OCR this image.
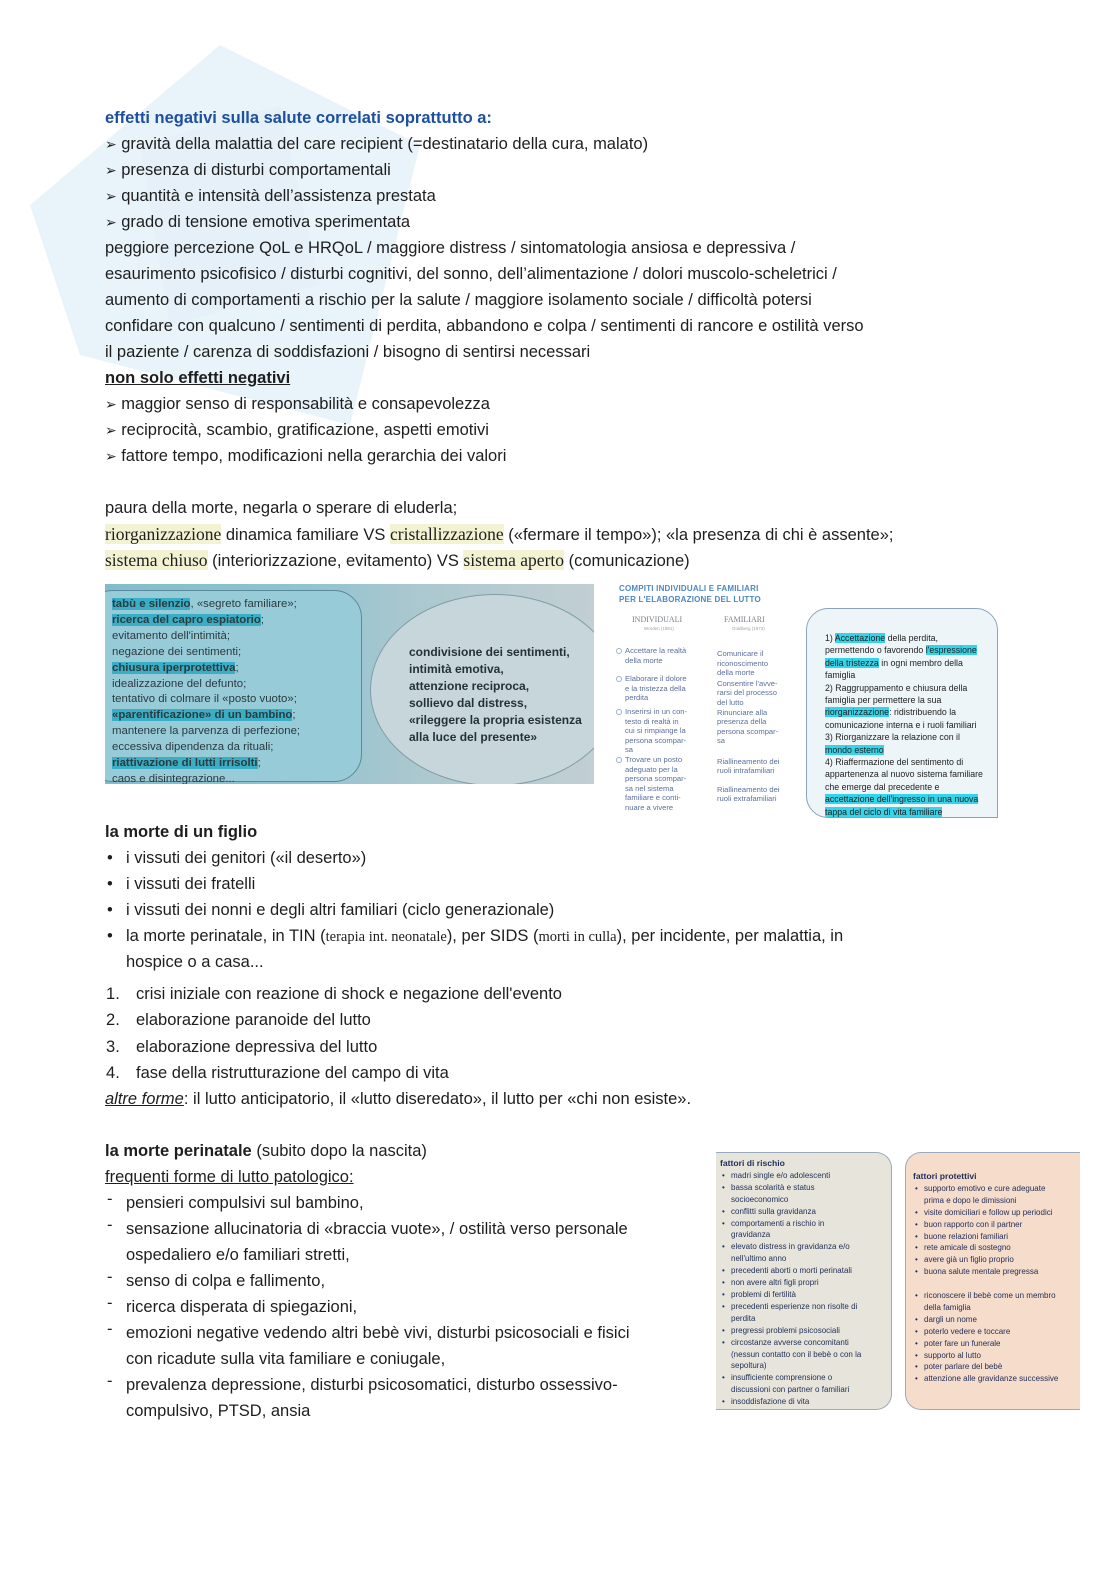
effetti negativi sulla salute correlati soprattutto a:
➢ gravità della malattia del care recipient (=destinatario della cura, malato)
➢ presenza di disturbi comportamentali
➢ quantità e intensità dell’assistenza prestata
➢ grado di tensione emotiva sperimentata
peggiore percezione QoL e HRQoL / maggiore distress / sintomatologia ansiosa e depressiva /
esaurimento psicofisico / disturbi cognitivi, del sonno, dell’alimentazione / dolori muscolo-scheletrici /
aumento di comportamenti a rischio per la salute / maggiore isolamento sociale / difficoltà potersi
confidare con qualcuno / sentimenti di perdita, abbandono e colpa / sentimenti di rancore e ostilità verso
il paziente / carenza di soddisfazioni / bisogno di sentirsi necessari
non solo effetti negativi
➢ maggior senso di responsabilità e consapevolezza
➢ reciprocità, scambio, gratificazione, aspetti emotivi
➢ fattore tempo, modificazioni nella gerarchia dei valori
paura della morte, negarla o sperare di eluderla;
riorganizzazione dinamica familiare VS cristallizzazione («fermare il tempo»); «la presenza di chi è assente»;
sistema chiuso (interiorizzazione, evitamento) VS sistema aperto (comunicazione)
tabù e silenzio, «segreto familiare»;
ricerca del capro espiatorio;
evitamento dell'intimità;
negazione dei sentimenti;
chiusura iperprotettiva;
idealizzazione del defunto;
tentativo di colmare il «posto vuoto»;
«parentificazione» di un bambino;
mantenere la parvenza di perfezione;
eccessiva dipendenza da rituali;
riattivazione di lutti irrisolti;
caos e disintegrazione...
condivisione dei sentimenti,
intimità emotiva,
attenzione reciproca,
sollievo dal distress,
«rileggere la propria esistenza
alla luce del presente»
COMPITI INDIVIDUALI E FAMILIARI
PER L'ELABORAZIONE DEL LUTTO
INDIVIDUALI
Worden (1991)
FAMILIARI
Goldberg (1973)
Accettare la realtà
della morte
Elaborare il dolore
e la tristezza della
perdita
Inserirsi in un con-
testo di realtà in
cui si rimpiange la
persona scompar-
sa
Trovare un posto
adeguato per la
persona scompar-
sa nel sistema
familiare e conti-
nuare a vivere
Comunicare il
riconoscimento
della morte
Consentire l'avve-
rarsi del processo
del lutto
Rinunciare alla
presenza della
persona scompar-
sa
Riallineamento dei
ruoli intrafamiliari
Riallineamento dei
ruoli extrafamiliari
1) Accettazione della perdita,
permettendo o favorendo l'espressione
della tristezza in ogni membro della
famiglia
2) Raggruppamento e chiusura della
famiglia per permettere la sua
riorganizzazione: ridistribuendo la
comunicazione interna e i ruoli familiari
3) Riorganizzare la relazione con il
mondo esterno
4) Riaffermazione del sentimento di
appartenenza al nuovo sistema familiare
che emerge dal precedente e
accettazione dell'ingresso in una nuova
tappa del ciclo di vita familiare
la morte di un figlio
• i vissuti dei genitori («il deserto»)
• i vissuti dei fratelli
• i vissuti dei nonni e degli altri familiari (ciclo generazionale)
• la morte perinatale, in TIN (terapia int. neonatale), per SIDS (morti in culla), per incidente, per malattia, in
hospice o a casa...
crisi iniziale con reazione di shock e negazione dell'evento
elaborazione paranoide del lutto
elaborazione depressiva del lutto
fase della ristrutturazione del campo di vita
altre forme: il lutto anticipatorio, il «lutto diseredato», il lutto per «chi non esiste».
la morte perinatale (subito dopo la nascita)
frequenti forme di lutto patologico:
- pensieri compulsivi sul bambino,
- sensazione allucinatoria di «braccia vuote», / ostilità verso personale
ospedaliero e/o familiari stretti,
- senso di colpa e fallimento,
- ricerca disperata di spiegazioni,
- emozioni negative vedendo altri bebè vivi, disturbi psicosociali e fisici
con ricadute sulla vita familiare e coniugale,
- prevalenza depressione, disturbi psicosomatici, disturbo ossessivo-
compulsivo, PTSD, ansia
fattori di rischio
• madri single e/o adolescenti
• bassa scolarità e status
socioeconomico
• conflitti sulla gravidanza
• comportamenti a rischio in
gravidanza
• elevato distress in gravidanza e/o
nell'ultimo anno
• precedenti aborti o morti perinatali
• non avere altri figli propri
• problemi di fertilità
• precedenti esperienze non risolte di
perdita
• pregressi problemi psicosociali
• circostanze avverse concomitanti
(nessun contatto con il bebè o con la
sepoltura)
• insufficiente comprensione o
discussioni con partner o familiari
• insoddisfazione di vita
fattori protettivi
• supporto emotivo e cure adeguate
prima e dopo le dimissioni
• visite domiciliari e follow up periodici
• buon rapporto con il partner
• buone relazioni familiari
• rete amicale di sostegno
• avere già un figlio proprio
• buona salute mentale pregressa
• riconoscere il bebè come un membro
della famiglia
• dargli un nome
• poterlo vedere e toccare
• poter fare un funerale
• supporto al lutto
• poter parlare del bebè
• attenzione alle gravidanze successive
